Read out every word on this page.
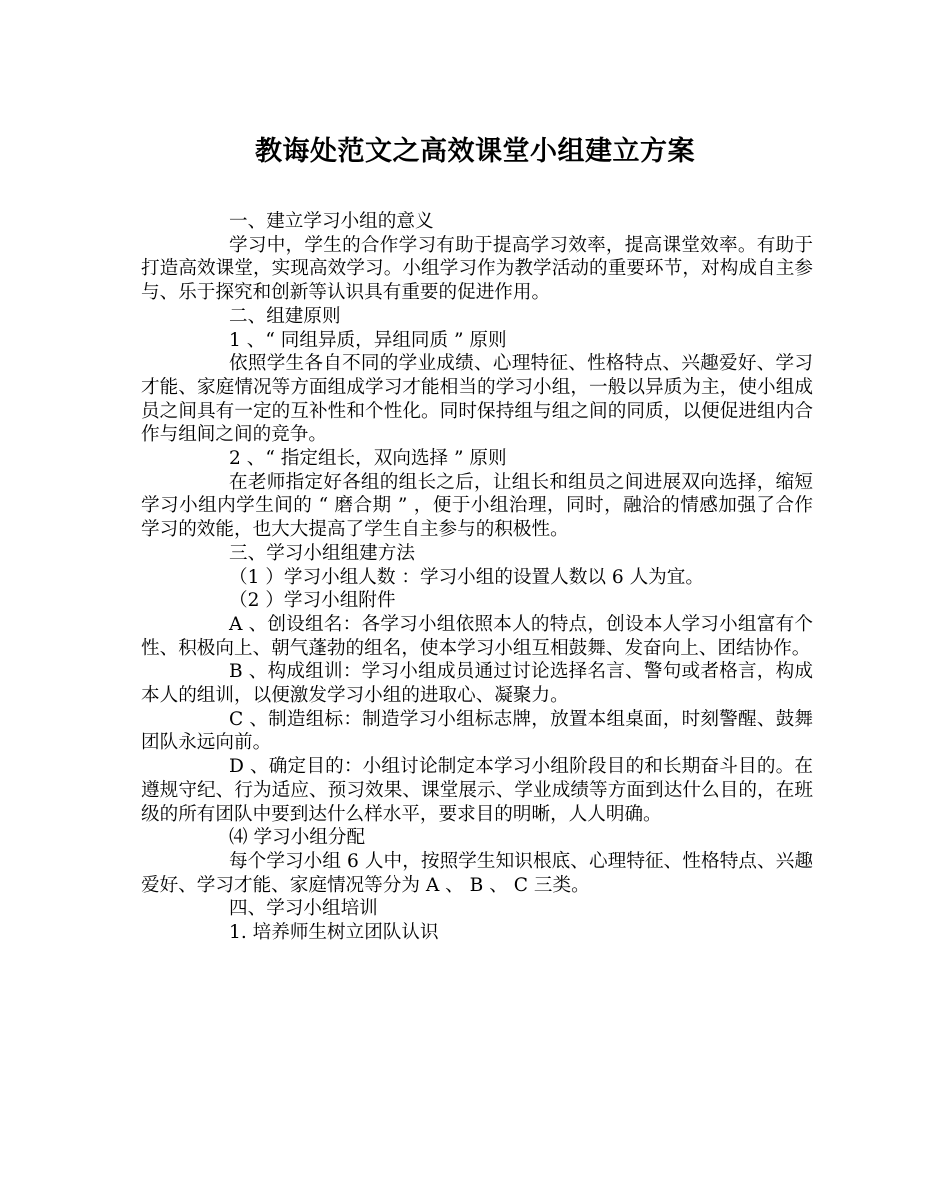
教诲处范文之高效课堂小组建立方案

一、建立学习小组的意义

学习中，学生的合作学习有助于提高学习效率，提高课堂效率。有助于打造高效课堂，实现高效学习。小组学习作为教学活动的重要环节，对构成自主参与、乐于探究和创新等认识具有重要的促进作用。

二、组建原则

1 、“ 同组异质，异组同质 ” 原则

依照学生各自不同的学业成绩、心理特征、性格特点、兴趣爱好、学习才能、家庭情况等方面组成学习才能相当的学习小组，一般以异质为主，使小组成员之间具有一定的互补性和个性化。同时保持组与组之间的同质，以便促进组内合作与组间之间的竞争。

2 、“ 指定组长，双向选择 ” 原则

在老师指定好各组的组长之后，让组长和组员之间进展双向选择，缩短学习小组内学生间的 “ 磨合期 ” ，便于小组治理，同时，融洽的情感加强了合作学习的效能，也大大提高了学生自主参与的积极性。

三、学习小组组建方法

（1 ）学习小组人数 ：学习小组的设置人数以 6 人为宜。

（2 ）学习小组附件

A 、创设组名：各学习小组依照本人的特点，创设本人学习小组富有个性、积极向上、朝气蓬勃的组名，使本学习小组互相鼓舞、发奋向上、团结协作。

B 、构成组训：学习小组成员通过讨论选择名言、警句或者格言，构成本人的组训，以便激发学习小组的进取心、凝聚力。

C 、制造组标：制造学习小组标志牌，放置本组桌面，时刻警醒、鼓舞团队永远向前。

D 、确定目的：小组讨论制定本学习小组阶段目的和长期奋斗目的。在遵规守纪、行为适应、预习效果、课堂展示、学业成绩等方面到达什么目的，在班级的所有团队中要到达什么样水平，要求目的明晰，人人明确。

⑷ 学习小组分配

每个学习小组 6 人中，按照学生知识根底、心理特征、性格特点、兴趣爱好、学习才能、家庭情况等分为 A 、 B 、 C 三类。

四、学习小组培训

1. 培养师生树立团队认识
